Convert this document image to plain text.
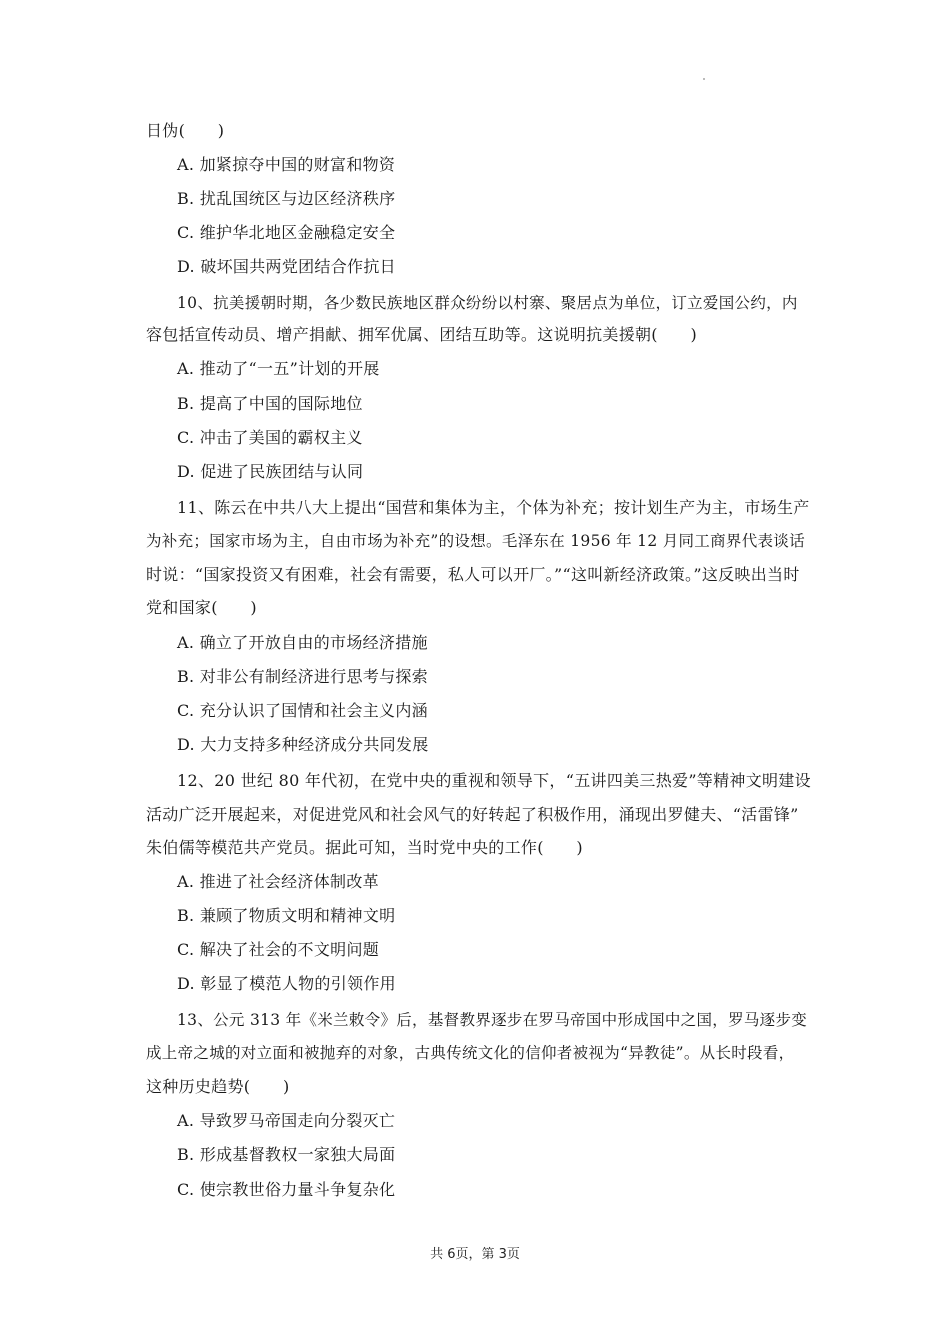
日伪(　　)
A. 加紧掠夺中国的财富和物资
B. 扰乱国统区与边区经济秩序
C. 维护华北地区金融稳定安全
D. 破坏国共两党团结合作抗日
10、抗美援朝时期，各少数民族地区群众纷纷以村寨、聚居点为单位，订立爱国公约，内
容包括宣传动员、增产捐献、拥军优属、团结互助等。这说明抗美援朝(　　)
A. 推动了“一五”计划的开展
B. 提高了中国的国际地位
C. 冲击了美国的霸权主义
D. 促进了民族团结与认同
11、陈云在中共八大上提出“国营和集体为主，个体为补充；按计划生产为主，市场生产
为补充；国家市场为主，自由市场为补充”的设想。毛泽东在 1956 年 12 月同工商界代表谈话
时说：“国家投资又有困难，社会有需要，私人可以开厂。”“这叫新经济政策。”这反映出当时
党和国家(　　)
A. 确立了开放自由的市场经济措施
B. 对非公有制经济进行思考与探索
C. 充分认识了国情和社会主义内涵
D. 大力支持多种经济成分共同发展
12、20 世纪 80 年代初，在党中央的重视和领导下，“五讲四美三热爱”等精神文明建设
活动广泛开展起来，对促进党风和社会风气的好转起了积极作用，涌现出罗健夫、“活雷锋”
朱伯儒等模范共产党员。据此可知，当时党中央的工作(　　)
A. 推进了社会经济体制改革
B. 兼顾了物质文明和精神文明
C. 解决了社会的不文明问题
D. 彰显了模范人物的引领作用
13、公元 313 年《米兰敕令》后，基督教界逐步在罗马帝国中形成国中之国，罗马逐步变
成上帝之城的对立面和被抛弃的对象，古典传统文化的信仰者被视为“异教徒”。从长时段看，
这种历史趋势(　　)
A. 导致罗马帝国走向分裂灭亡
B. 形成基督教权一家独大局面
C. 使宗教世俗力量斗争复杂化
共 6页，第 3页
